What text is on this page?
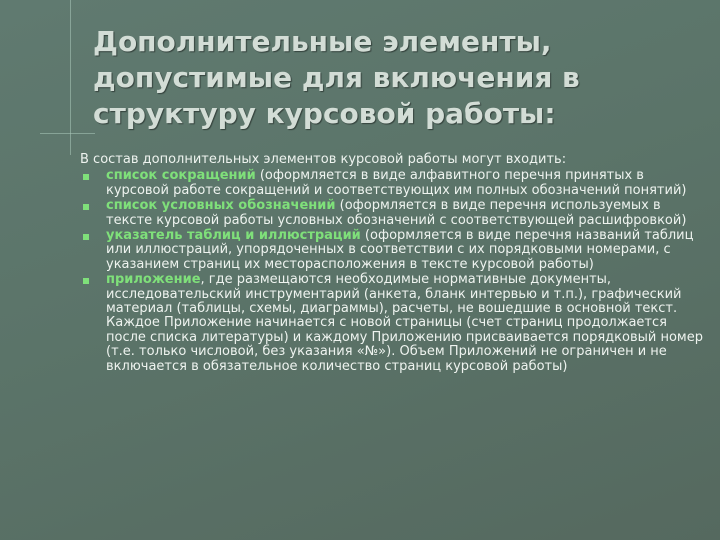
Дополнительные элементы,
допустимые для включения в
структуру курсовой работы:

В состав дополнительных элементов курсовой работы могут входить:

список сокращений (оформляется в виде алфавитного перечня принятых в курсовой работе сокращений и соответствующих им полных обозначений понятий)
список условных обозначений (оформляется в виде перечня используемых в тексте курсовой работы условных обозначений с соответствующей расшифровкой)
указатель таблиц и иллюстраций (оформляется в виде перечня названий таблиц или иллюстраций, упорядоченных в соответствии с их порядковыми номерами, с указанием страниц их месторасположения в тексте курсовой работы)
приложение, где размещаются необходимые нормативные документы, исследовательский инструментарий (анкета, бланк интервью и т.п.), графический материал (таблицы, схемы, диаграммы), расчеты, не вошедшие в основной текст. Каждое Приложение начинается с новой страницы (счет страниц продолжается после списка литературы) и каждому Приложению присваивается порядковый номер (т.е. только числовой, без указания «№»). Объем Приложений не ограничен и не включается в обязательное количество страниц курсовой работы)
